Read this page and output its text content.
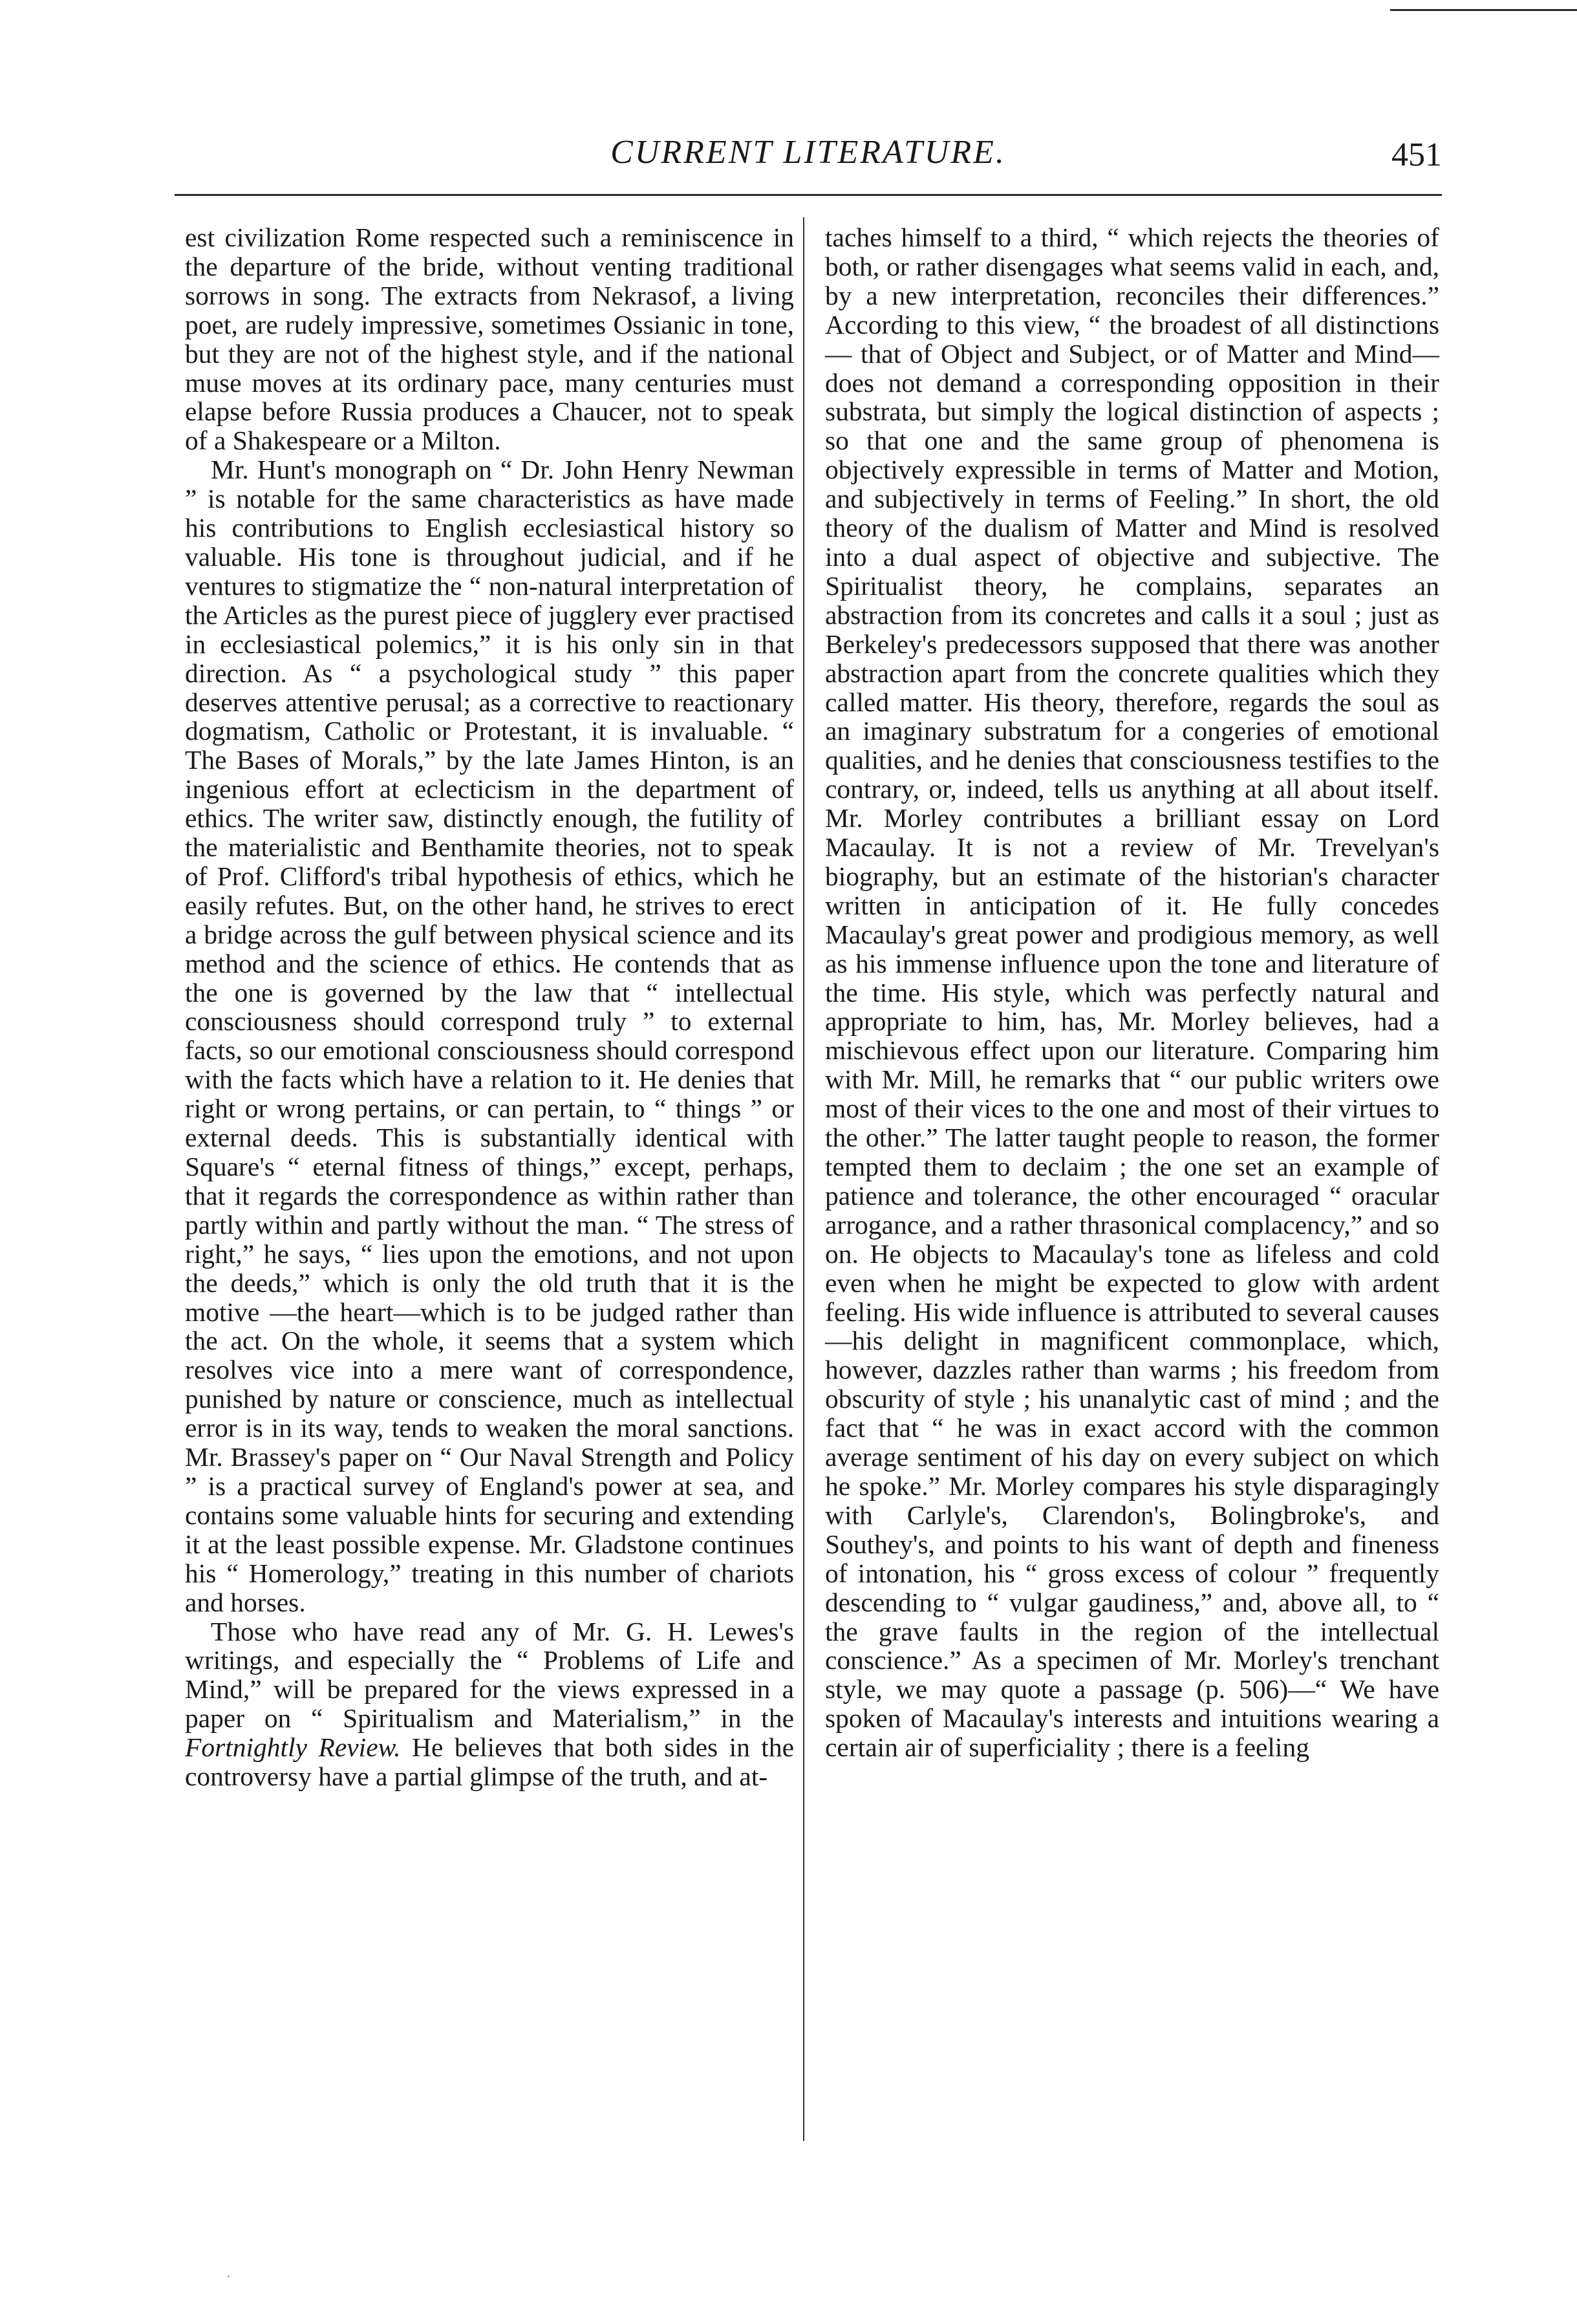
CURRENT LITERATURE.	451

est civilization Rome respected such a reminiscence in the departure of the bride, without venting traditional sorrows in song. The extracts from Nekrasof, a living poet, are rudely impressive, sometimes Ossianic in tone, but they are not of the highest style, and if the national muse moves at its ordinary pace, many centuries must elapse before Russia produces a Chaucer, not to speak of a Shakespeare or a Milton.

Mr. Hunt's monograph on “ Dr. John Henry Newman ” is notable for the same characteristics as have made his contributions to English ecclesiastical history so valuable. His tone is throughout judicial, and if he ventures to stigmatize the “ non-natural interpretation of the Articles as the purest piece of jugglery ever practised in ecclesiastical polemics,” it is his only sin in that direction. As “ a psychological study ” this paper deserves attentive perusal; as a corrective to reactionary dogmatism, Catholic or Protestant, it is invaluable. “ The Bases of Morals,” by the late James Hinton, is an ingenious effort at eclecticism in the department of ethics. The writer saw, distinctly enough, the futility of the materialistic and Benthamite theories, not to speak of Prof. Clifford's tribal hypothesis of ethics, which he easily refutes. But, on the other hand, he strives to erect a bridge across the gulf between physical science and its method and the science of ethics. He contends that as the one is governed by the law that “ intellectual consciousness should correspond truly ” to external facts, so our emotional consciousness should correspond with the facts which have a relation to it. He denies that right or wrong pertains, or can pertain, to “ things ” or external deeds. This is substantially identical with Square's “ eternal fitness of things,” except, perhaps, that it regards the correspondence as within rather than partly within and partly without the man. “ The stress of right,” he says, “ lies upon the emotions, and not upon the deeds,” which is only the old truth that it is the motive —the heart—which is to be judged rather than the act. On the whole, it seems that a system which resolves vice into a mere want of correspondence, punished by nature or conscience, much as intellectual error is in its way, tends to weaken the moral sanctions. Mr. Brassey's paper on “ Our Naval Strength and Policy ” is a practical survey of England's power at sea, and contains some valuable hints for securing and extending it at the least possible expense. Mr. Gladstone continues his “ Homerology,” treating in this number of chariots and horses.

Those who have read any of Mr. G. H. Lewes's writings, and especially the “ Problems of Life and Mind,” will be prepared for the views expressed in a paper on “ Spiritualism and Materialism,” in the Fortnightly Review. He believes that both sides in the controversy have a partial glimpse of the truth, and at-

taches himself to a third, “ which rejects the theories of both, or rather disengages what seems valid in each, and, by a new interpretation, reconciles their differences.” According to this view, “ the broadest of all distinctions— that of Object and Subject, or of Matter and Mind—does not demand a corresponding opposition in their substrata, but simply the logical distinction of aspects ; so that one and the same group of phenomena is objectively expressible in terms of Matter and Motion, and subjectively in terms of Feeling.” In short, the old theory of the dualism of Matter and Mind is resolved into a dual aspect of objective and subjective. The Spiritualist theory, he complains, separates an abstraction from its concretes and calls it a soul ; just as Berkeley's predecessors supposed that there was another abstraction apart from the concrete qualities which they called matter. His theory, therefore, regards the soul as an imaginary substratum for a congeries of emotional qualities, and he denies that consciousness testifies to the contrary, or, indeed, tells us anything at all about itself. Mr. Morley contributes a brilliant essay on Lord Macaulay. It is not a review of Mr. Trevelyan's biography, but an estimate of the historian's character written in anticipation of it. He fully concedes Macaulay's great power and prodigious memory, as well as his immense influence upon the tone and literature of the time. His style, which was perfectly natural and appropriate to him, has, Mr. Morley believes, had a mischievous effect upon our literature. Comparing him with Mr. Mill, he remarks that “ our public writers owe most of their vices to the one and most of their virtues to the other.” The latter taught people to reason, the former tempted them to declaim ; the one set an example of patience and tolerance, the other encouraged “ oracular arrogance, and a rather thrasonical complacency,” and so on. He objects to Macaulay's tone as lifeless and cold even when he might be expected to glow with ardent feeling. His wide influence is attributed to several causes—his delight in magnificent commonplace, which, however, dazzles rather than warms ; his freedom from obscurity of style ; his unanalytic cast of mind ; and the fact that “ he was in exact accord with the common average sentiment of his day on every subject on which he spoke.” Mr. Morley compares his style disparagingly with Carlyle's, Clarendon's, Bolingbroke's, and Southey's, and points to his want of depth and fineness of intonation, his “ gross excess of colour ” frequently descending to “ vulgar gaudiness,” and, above all, to “ the grave faults in the region of the intellectual conscience.” As a specimen of Mr. Morley's trenchant style, we may quote a passage (p. 506)—“ We have spoken of Macaulay's interests and intuitions wearing a certain air of superficiality ; there is a feeling

·
